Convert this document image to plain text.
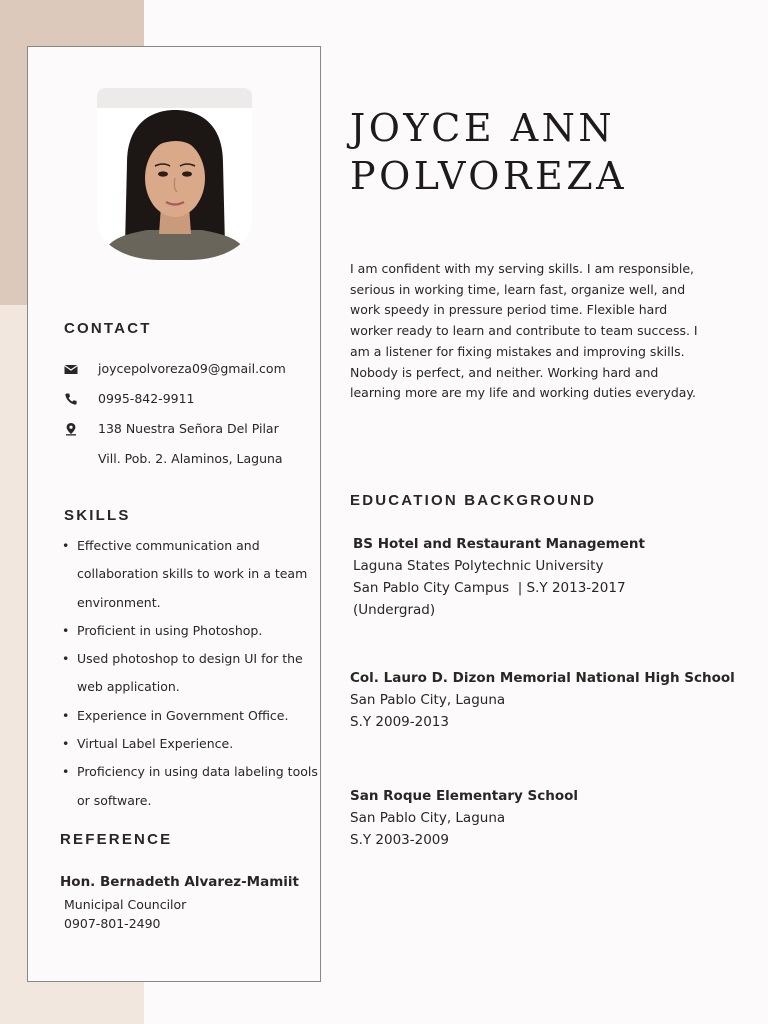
CONTACT
joycepolvoreza09@gmail.com
0995-842-9911
138 Nuestra Señora Del Pilar
Vill. Pob. 2. Alaminos, Laguna
SKILLS
• Effective communication and collaboration skills to work in a team environment.
• Proficient in using Photoshop.
• Used photoshop to design UI for the web application.
• Experience in Government Office.
• Virtual Label Experience.
• Proficiency in using data labeling tools or software.
REFERENCE
Hon. Bernadeth Alvarez-Mamiit
Municipal Councilor
0907-801-2490
JOYCE ANN
POLVOREZA

I am confident with my serving skills. I am responsible, serious in working time, learn fast, organize well, and work speedy in pressure period time. Flexible hard worker ready to learn and contribute to team success. I am a listener for fixing mistakes and improving skills. Nobody is perfect, and neither. Working hard and learning more are my life and working duties everyday.

EDUCATION BACKGROUND
BS Hotel and Restaurant Management
Laguna States Polytechnic University
San Pablo City Campus  | S.Y 2013-2017
(Undergrad)
Col. Lauro D. Dizon Memorial National High School
San Pablo City, Laguna
S.Y 2009-2013
San Roque Elementary School
San Pablo City, Laguna
S.Y 2003-2009
